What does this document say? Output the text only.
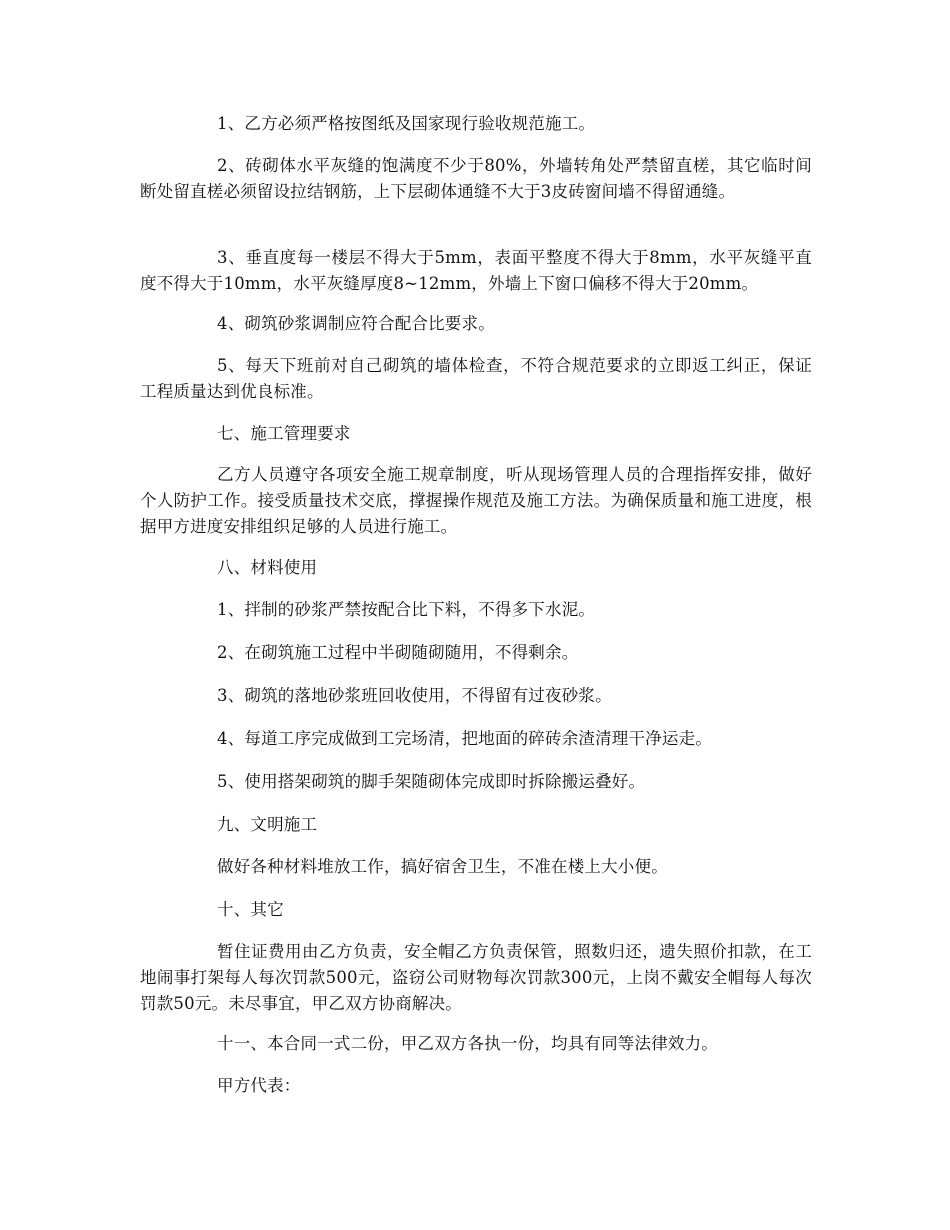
1、乙方必须严格按图纸及国家现行验收规范施工。

2、砖砌体水平灰缝的饱满度不少于80%，外墙转角处严禁留直槎，其它临时间断处留直槎必须留设拉结钢筋，上下层砌体通缝不大于3皮砖窗间墙不得留通缝。

3、垂直度每一楼层不得大于5mm，表面平整度不得大于8mm，水平灰缝平直度不得大于10mm，水平灰缝厚度8~12mm，外墙上下窗口偏移不得大于20mm。

4、砌筑砂浆调制应符合配合比要求。

5、每天下班前对自己砌筑的墙体检查，不符合规范要求的立即返工纠正，保证工程质量达到优良标准。

七、施工管理要求

乙方人员遵守各项安全施工规章制度，听从现场管理人员的合理指挥安排，做好个人防护工作。接受质量技术交底，撑握操作规范及施工方法。为确保质量和施工进度，根据甲方进度安排组织足够的人员进行施工。

八、材料使用

1、拌制的砂浆严禁按配合比下料，不得多下水泥。

2、在砌筑施工过程中半砌随砌随用，不得剩余。

3、砌筑的落地砂浆班回收使用，不得留有过夜砂浆。

4、每道工序完成做到工完场清，把地面的碎砖余渣清理干净运走。

5、使用搭架砌筑的脚手架随砌体完成即时拆除搬运叠好。

九、文明施工

做好各种材料堆放工作，搞好宿舍卫生，不准在楼上大小便。

十、其它

暂住证费用由乙方负责，安全帽乙方负责保管，照数归还，遗失照价扣款，在工地闹事打架每人每次罚款500元，盗窃公司财物每次罚款300元，上岗不戴安全帽每人每次罚款50元。未尽事宜，甲乙双方协商解决。

十一、本合同一式二份，甲乙双方各执一份，均具有同等法律效力。

甲方代表：
